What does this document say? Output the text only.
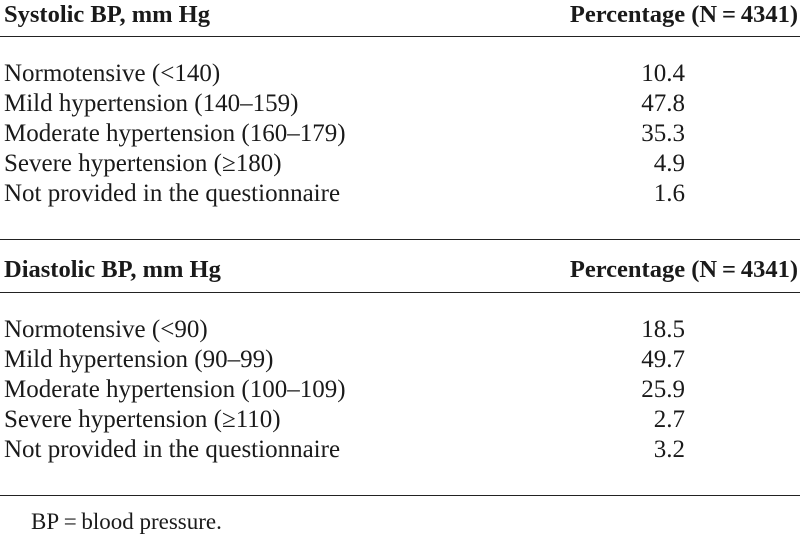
Systolic BP, mm Hg	Percentage (N = 4341)
Normotensive (<140)	10.4
Mild hypertension (140–159)	47.8
Moderate hypertension (160–179)	35.3
Severe hypertension (≥180)	4.9
Not provided in the questionnaire	1.6
Diastolic BP, mm Hg	Percentage (N = 4341)
Normotensive (<90)	18.5
Mild hypertension (90–99)	49.7
Moderate hypertension (100–109)	25.9
Severe hypertension (≥110)	2.7
Not provided in the questionnaire	3.2
BP = blood pressure.
